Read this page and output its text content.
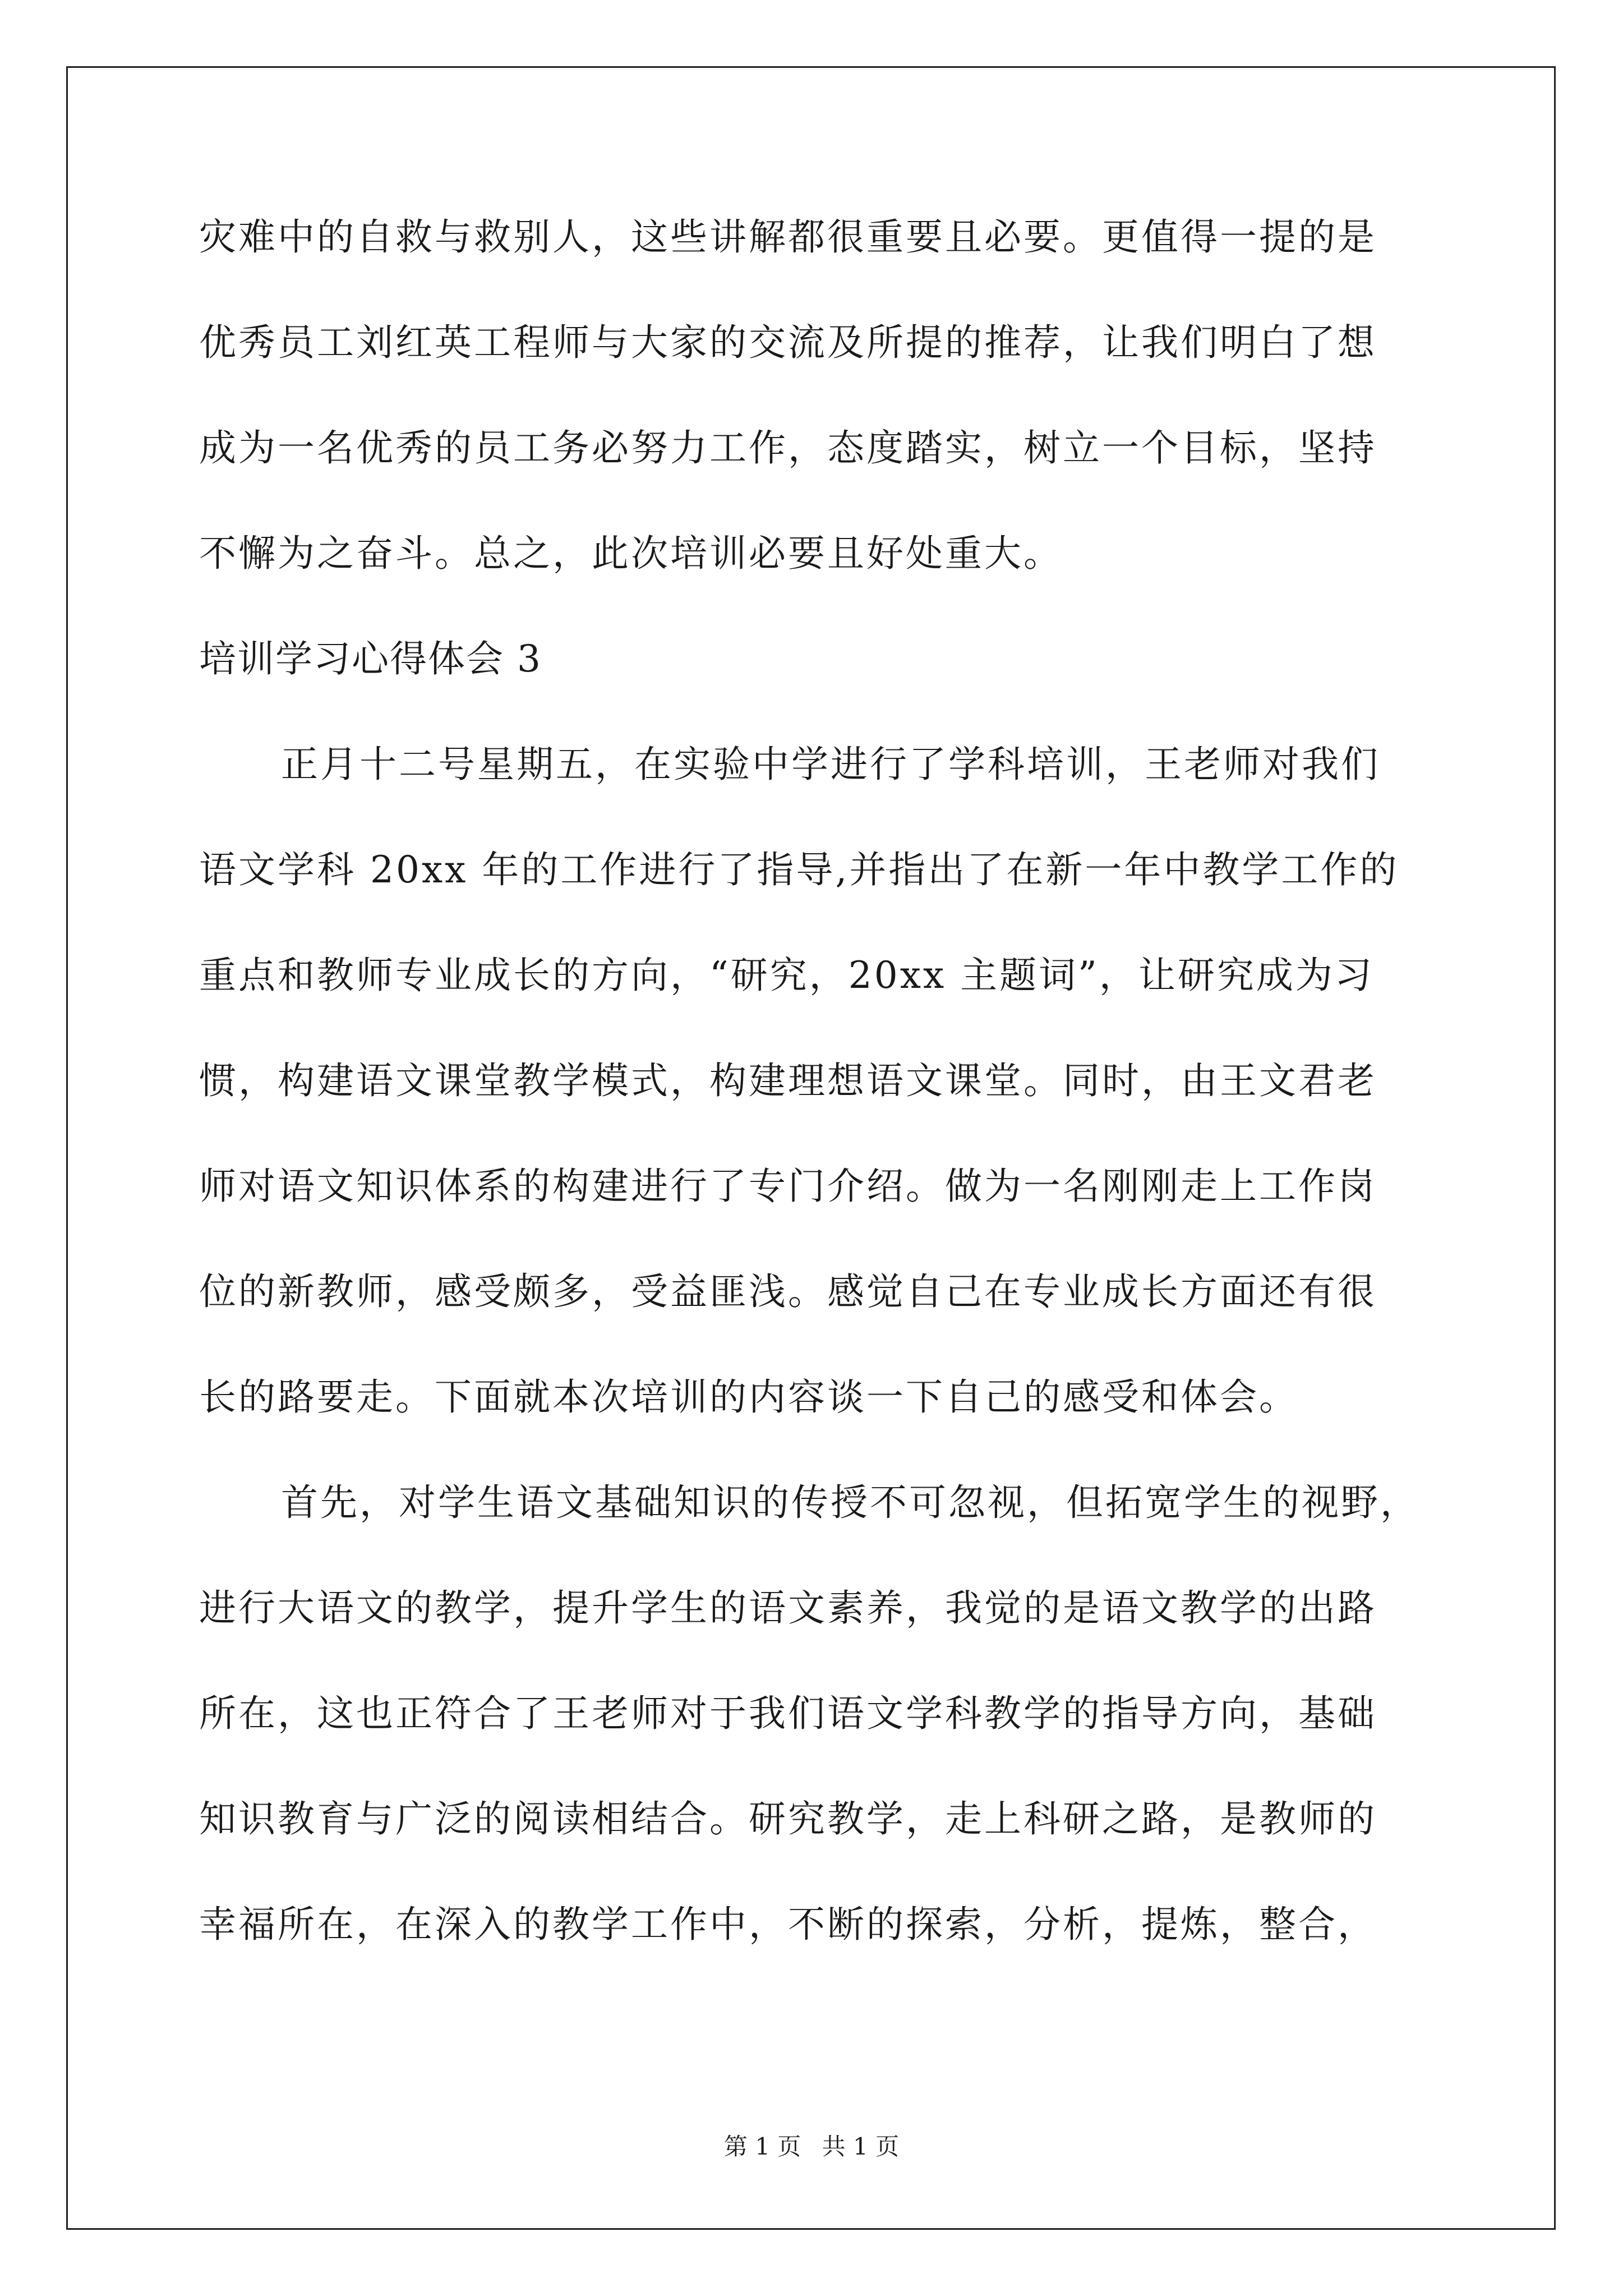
灾难中的自救与救别人，这些讲解都很重要且必要。更值得一提的是
优秀员工刘红英工程师与大家的交流及所提的推荐，让我们明白了想
成为一名优秀的员工务必努力工作，态度踏实，树立一个目标，坚持
不懈为之奋斗。总之，此次培训必要且好处重大。
培训学习心得体会 3
正月十二号星期五，在实验中学进行了学科培训，王老师对我们
语文学科 20xx 年的工作进行了指导,并指出了在新一年中教学工作的
重点和教师专业成长的方向，“研究，20xx 主题词”，让研究成为习
惯，构建语文课堂教学模式，构建理想语文课堂。同时，由王文君老
师对语文知识体系的构建进行了专门介绍。做为一名刚刚走上工作岗
位的新教师，感受颇多，受益匪浅。感觉自己在专业成长方面还有很
长的路要走。下面就本次培训的内容谈一下自己的感受和体会。
首先，对学生语文基础知识的传授不可忽视，但拓宽学生的视野，
进行大语文的教学，提升学生的语文素养，我觉的是语文教学的出路
所在，这也正符合了王老师对于我们语文学科教学的指导方向，基础
知识教育与广泛的阅读相结合。研究教学，走上科研之路，是教师的
幸福所在，在深入的教学工作中，不断的探索，分析，提炼，整合，
第 1 页 共 1 页
